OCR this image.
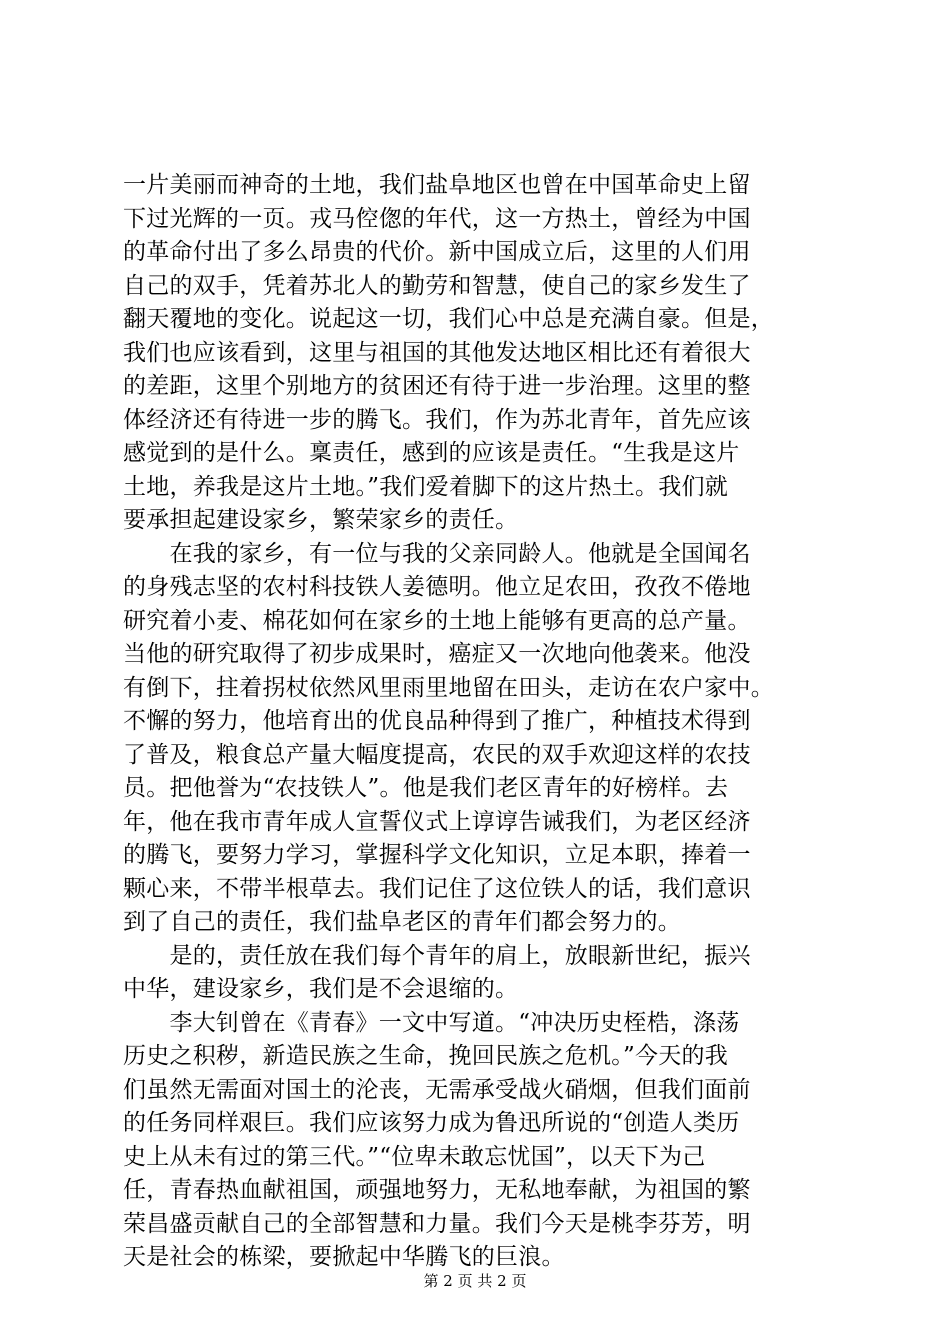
一片美丽而神奇的土地，我们盐阜地区也曾在中国革命史上留
下过光辉的一页。戎马倥偬的年代，这一方热土，曾经为中国
的革命付出了多么昂贵的代价。新中国成立后，这里的人们用
自己的双手，凭着苏北人的勤劳和智慧，使自己的家乡发生了
翻天覆地的变化。说起这一切，我们心中总是充满自豪。但是，
我们也应该看到，这里与祖国的其他发达地区相比还有着很大
的差距，这里个别地方的贫困还有待于进一步治理。这里的整
体经济还有待进一步的腾飞。我们，作为苏北青年，首先应该
感觉到的是什么。稟责任，感到的应该是责任。“生我是这片
土地，养我是这片土地。”我们爱着脚下的这片热土。我们就
要承担起建设家乡，繁荣家乡的责任。
　　在我的家乡，有一位与我的父亲同龄人。他就是全国闻名
的身残志坚的农村科技铁人姜德明。他立足农田，孜孜不倦地
研究着小麦、棉花如何在家乡的土地上能够有更高的总产量。
当他的研究取得了初步成果时，癌症又一次地向他袭来。他没
有倒下，拄着拐杖依然风里雨里地留在田头，走访在农户家中。
不懈的努力，他培育出的优良品种得到了推广，种植技术得到
了普及，粮食总产量大幅度提高，农民的双手欢迎这样的农技
员。把他誉为“农技铁人”。他是我们老区青年的好榜样。去
年，他在我市青年成人宣誓仪式上谆谆告诫我们，为老区经济
的腾飞，要努力学习，掌握科学文化知识，立足本职，捧着一
颗心来，不带半根草去。我们记住了这位铁人的话，我们意识
到了自己的责任，我们盐阜老区的青年们都会努力的。
　　是的，责任放在我们每个青年的肩上，放眼新世纪，振兴
中华，建设家乡，我们是不会退缩的。
　　李大钊曾在《青春》一文中写道。“冲决历史桎梏，涤荡
历史之积秽，新造民族之生命，挽回民族之危机。”今天的我
们虽然无需面对国土的沦丧，无需承受战火硝烟，但我们面前
的任务同样艰巨。我们应该努力成为鲁迅所说的“创造人类历
史上从未有过的第三代。”“位卑未敢忘忧国”，以天下为己
任，青春热血献祖国，顽强地努力，无私地奉献，为祖国的繁
荣昌盛贡献自己的全部智慧和力量。我们今天是桃李芬芳，明
天是社会的栋梁，要掀起中华腾飞的巨浪。
第 2 页 共 2 页
